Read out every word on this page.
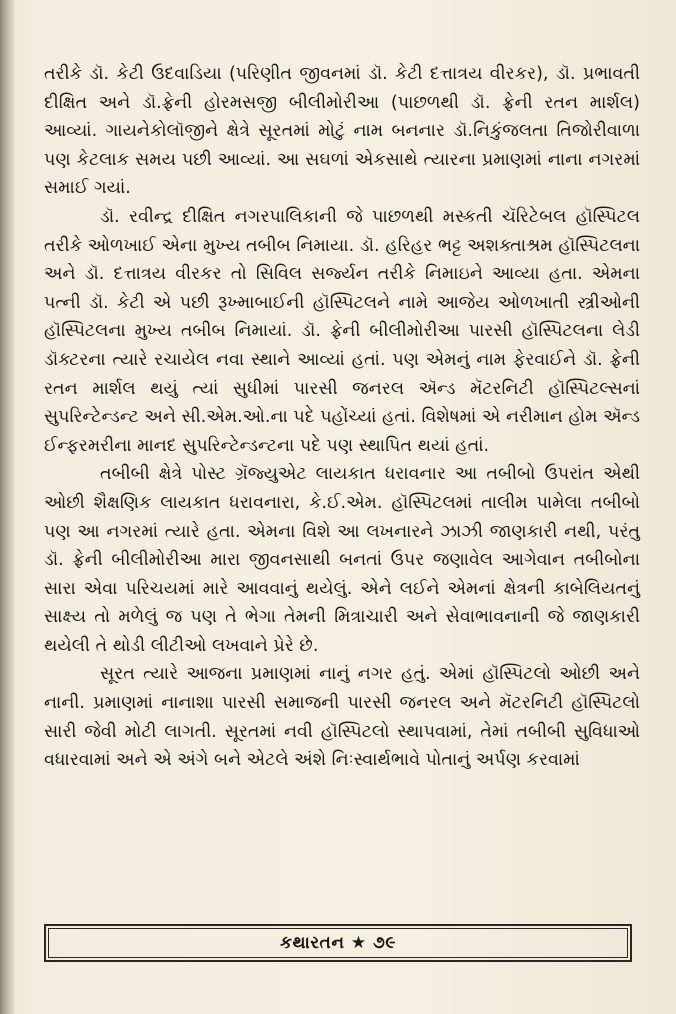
તરીકે ડૉ. કેટી ઉદવાડિયા (પરિણીત જીવનમાં ડૉ. કેટી દત્તાત્રય વીરકર), ડૉ. પ્રભાવતી દીક્ષિત અને ડૉ.ફ્રેની હોરમસજી બીલીમોરીઆ (પાછળથી ડૉ. ફ્રેની રતન માર્શલ) આવ્યાં. ગાયનેકોલૉજીને ક્ષેત્રે સૂરતમાં મોટું નામ બનનાર ડૉ.નિકુંજલતા તિજોરીવાળા પણ કેટલાક સમય પછી આવ્યાં. આ સઘળાં એકસાથે ત્યારના પ્રમાણમાં નાના નગરમાં સમાઈ ગયાં.

ડૉ. રવીન્દ્ર દીક્ષિત નગરપાલિકાની જે પાછળથી મસ્કતી ચૅરિટેબલ હૉસ્પિટલ તરીકે ઓળખાઈ એના મુખ્ય તબીબ નિમાયા. ડૉ. હરિહર ભટ્ટ અશક્તાશ્રમ હૉસ્પિટલના અને ડૉ. દત્તાત્રય વીરકર તો સિવિલ સર્જ્યન તરીકે નિમાઇને આવ્યા હતા. એમના પત્ની ડૉ. કેટી એ પછી રૂખ્માબાઈની હૉસ્પિટલને નામે આજેય ઓળખાતી સ્ત્રીઓની હૉસ્પિટલના મુખ્ય તબીબ નિમાયાં. ડૉ. ફ્રેની બીલીમોરીઆ પારસી હૉસ્પિટલના લેડી ડૉક્ટરના ત્યારે રચાયેલ નવા સ્થાને આવ્યાં હતાં. પણ એમનું નામ ફેરવાઈને ડૉ. ફ્રેની રતન માર્શલ થયું ત્યાં સુધીમાં પારસી જનરલ ઍન્ડ મૅટરનિટી હૉસ્પિટલ્સનાં સુપરિન્ટેન્ડન્ટ અને સી.એમ.ઓ.ના પદે પહોંચ્યાં હતાં. વિશેષમાં એ નરીમાન હોમ ઍન્ડ ઈન્ફરમરીના માનદ સુપરિન્ટેન્ડન્ટના પદે પણ સ્થાપિત થયાં હતાં.

તબીબી ક્ષેત્રે પોસ્ટ ગ્રૅજ્યુએટ લાયકાત ધરાવનાર આ તબીબો ઉપરાંત એથી ઓછી શૈક્ષણિક લાયકાત ધરાવનારા, કે.ઈ.એમ. હૉસ્પિટલમાં તાલીમ પામેલા તબીબો પણ આ નગરમાં ત્યારે હતા. એમના વિશે આ લખનારને ઝાઝી જાણકારી નથી, પરંતુ ડૉ. ફ્રેની બીલીમોરીઆ મારા જીવનસાથી બનતાં ઉપર જણાવેલ આગેવાન તબીબોના સારા એવા પરિચયમાં મારે આવવાનું થયેલું. એને લઈને એમનાં ક્ષેત્રની કાબેલિયતનું સાક્ષ્ય તો મળેલું જ પણ તે ભેગા તેમની મિત્રાચારી અને સેવાભાવનાની જે જાણકારી થયેલી તે થોડી લીટીઓ લખવાને પ્રેરે છે.

સૂરત ત્યારે આજના પ્રમાણમાં નાનું નગર હતું. એમાં હૉસ્પિટલો ઓછી અને નાની. પ્રમાણમાં નાનાશા પારસી સમાજની પારસી જનરલ અને મૅટરનિટી હૉસ્પિટલો સારી જેવી મોટી લાગતી. સૂરતમાં નવી હૉસ્પિટલો સ્થાપવામાં, તેમાં તબીબી સુવિધાઓ વધારવામાં અને એ અંગે બને એટલે અંશે નિઃસ્વાર્થભાવે પોતાનું અર્પણ કરવામાં

કથારતન ★ ૭૯
